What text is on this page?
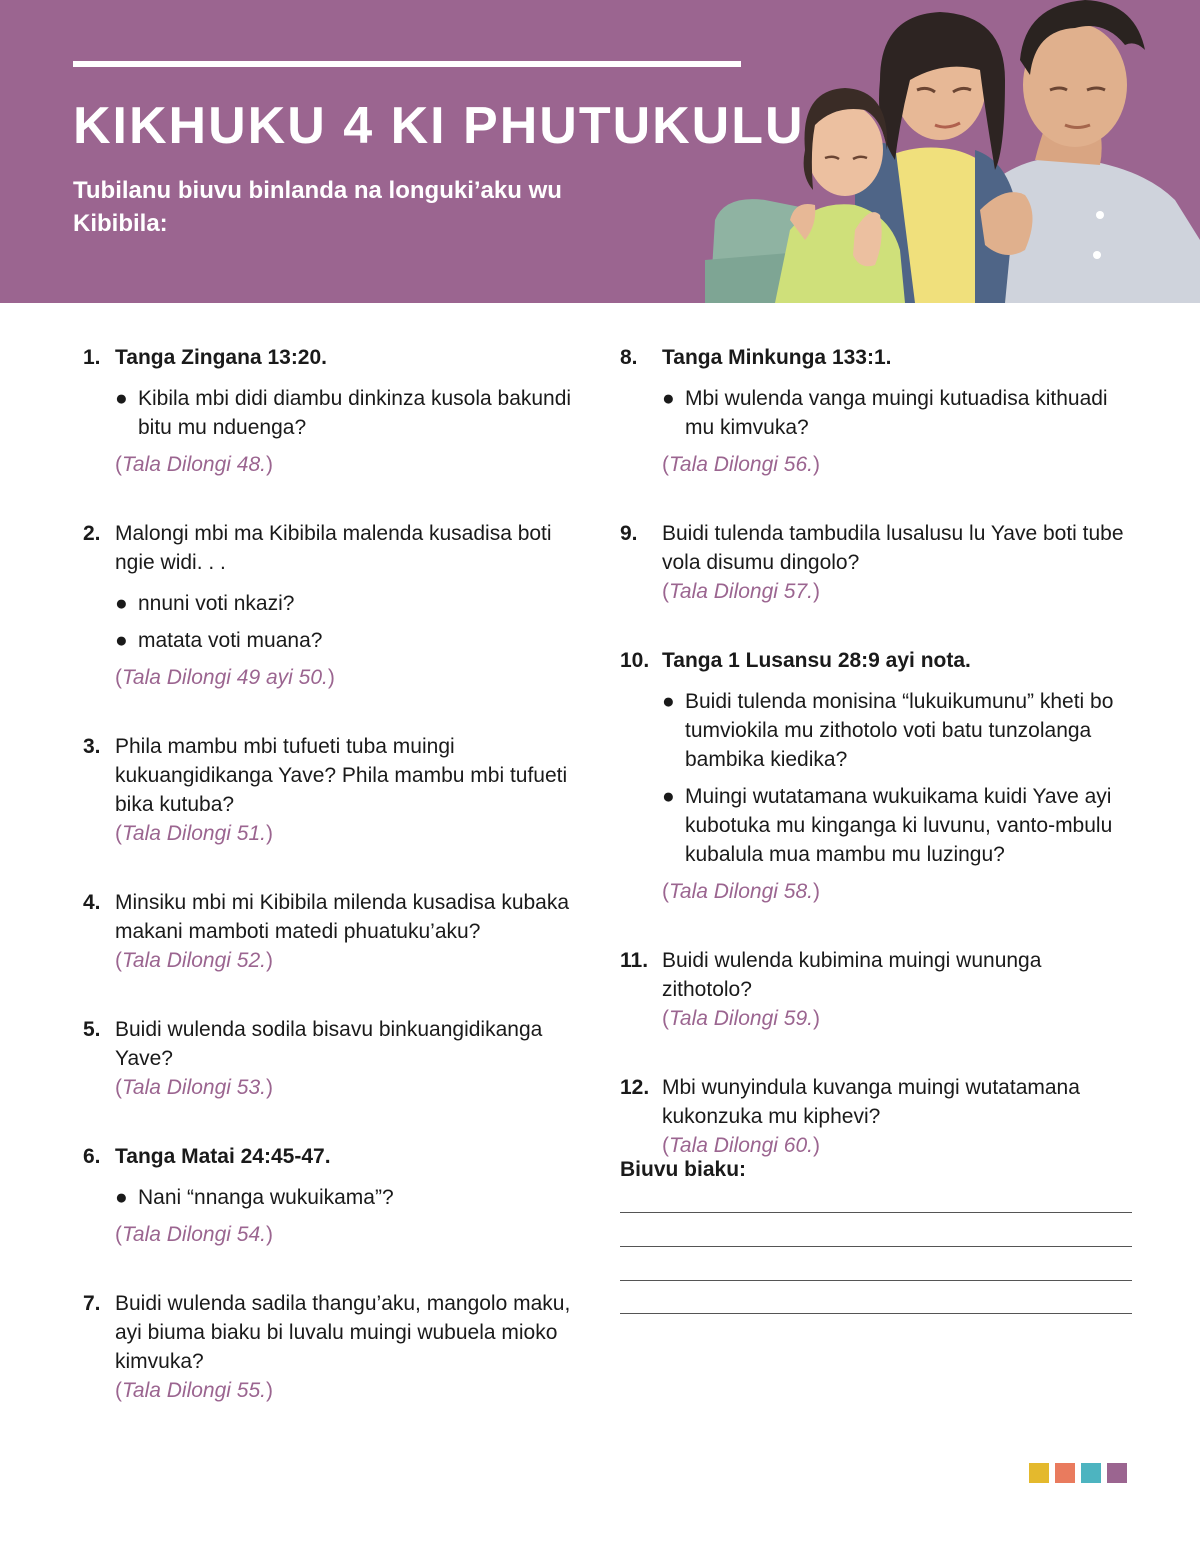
KIKHUKU 4 KI PHUTUKULU

Tubilanu biuvu binlanda na longuki’aku wu Kibibila:

1. Tanga Zingana 13:20.
● Kibila mbi didi diambu dinkinza kusola bakundi bitu mu nduenga?
(Tala Dilongi 48.)
2. Malongi mbi ma Kibibila malenda kusadisa boti ngie widi. . .
● nnuni voti nkazi?
● matata voti muana?
(Tala Dilongi 49 ayi 50.)
3. Phila mambu mbi tufueti tuba muingi kukuangidikanga Yave? Phila mambu mbi tufueti bika kutuba?
(Tala Dilongi 51.)
4. Minsiku mbi mi Kibibila milenda kusadisa kubaka makani mamboti matedi phuatuku’aku?
(Tala Dilongi 52.)
5. Buidi wulenda sodila bisavu binkuangidikanga Yave?
(Tala Dilongi 53.)
6. Tanga Matai 24:45-47.
● Nani “nnanga wukuikama”?
(Tala Dilongi 54.)
7. Buidi wulenda sadila thangu’aku, mangolo maku, ayi biuma biaku bi luvalu muingi wubuela mioko kimvuka?
(Tala Dilongi 55.)
8. Tanga Minkunga 133:1.
● Mbi wulenda vanga muingi kutuadisa kithuadi mu kimvuka?
(Tala Dilongi 56.)
9. Buidi tulenda tambudila lusalusu lu Yave boti tube vola disumu dingolo?
(Tala Dilongi 57.)
10. Tanga 1 Lusansu 28:9 ayi nota.
● Buidi tulenda monisina “lukuikumunu” kheti bo tumviokila mu zithotolo voti batu tunzolanga bambika kiedika?
● Muingi wutatamana wukuikama kuidi Yave ayi kubotuka mu kinganga ki luvunu, vanto-mbulu kubalula mua mambu mu luzingu?
(Tala Dilongi 58.)
11. Buidi wulenda kubimina muingi wununga zithotolo?
(Tala Dilongi 59.)
12. Mbi wunyindula kuvanga muingi wutatamana kukonzuka mu kiphevi?
(Tala Dilongi 60.)

Biuvu biaku:
